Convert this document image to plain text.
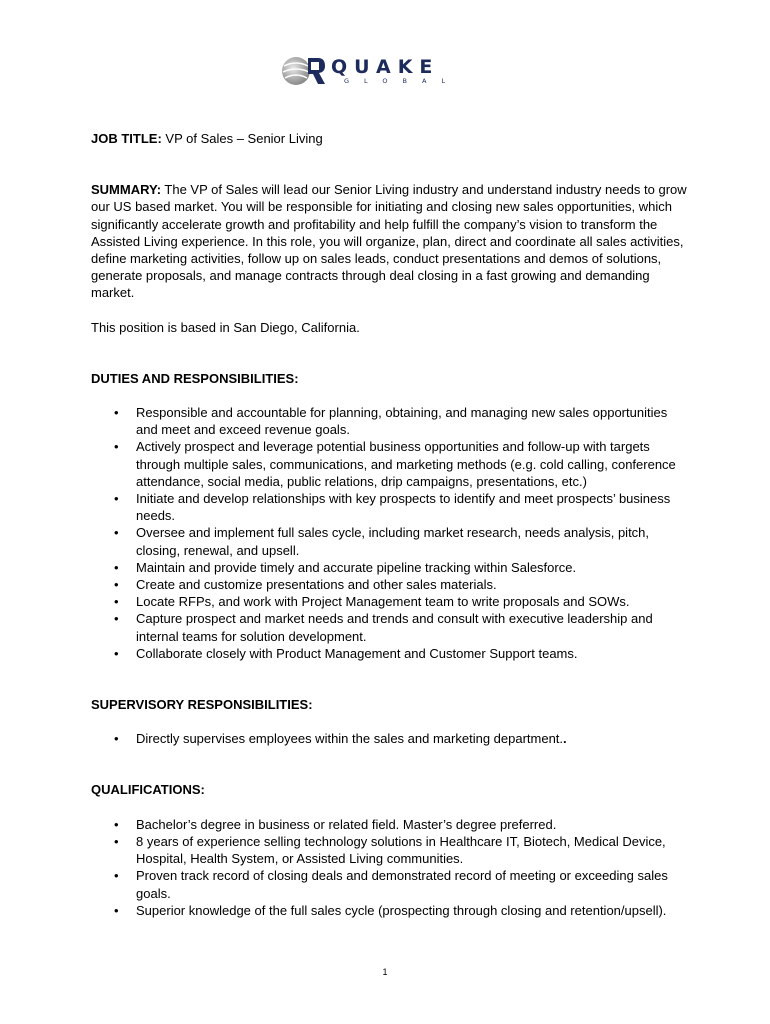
QUAKE
GLOBAL

JOB TITLE: VP of Sales – Senior Living

SUMMARY: The VP of Sales will lead our Senior Living industry and understand industry needs to grow our US based market. You will be responsible for initiating and closing new sales opportunities, which significantly accelerate growth and profitability and help fulfill the company’s vision to transform the Assisted Living experience. In this role, you will organize, plan, direct and coordinate all sales activities, define marketing activities, follow up on sales leads, conduct presentations and demos of solutions, generate proposals, and manage contracts through deal closing in a fast growing and demanding market.

This position is based in San Diego, California.

DUTIES AND RESPONSIBILITIES:

• Responsible and accountable for planning, obtaining, and managing new sales opportunities and meet and exceed revenue goals.
• Actively prospect and leverage potential business opportunities and follow-up with targets through multiple sales, communications, and marketing methods (e.g. cold calling, conference attendance, social media, public relations, drip campaigns, presentations, etc.)
• Initiate and develop relationships with key prospects to identify and meet prospects’ business needs.
• Oversee and implement full sales cycle, including market research, needs analysis, pitch, closing, renewal, and upsell.
• Maintain and provide timely and accurate pipeline tracking within Salesforce.
• Create and customize presentations and other sales materials.
• Locate RFPs, and work with Project Management team to write proposals and SOWs.
• Capture prospect and market needs and trends and consult with executive leadership and internal teams for solution development.
• Collaborate closely with Product Management and Customer Support teams.

SUPERVISORY RESPONSIBILITIES:

• Directly supervises employees within the sales and marketing department..

QUALIFICATIONS:

• Bachelor’s degree in business or related field. Master’s degree preferred.
• 8 years of experience selling technology solutions in Healthcare IT, Biotech, Medical Device, Hospital, Health System, or Assisted Living communities.
• Proven track record of closing deals and demonstrated record of meeting or exceeding sales goals.
• Superior knowledge of the full sales cycle (prospecting through closing and retention/upsell).
1
